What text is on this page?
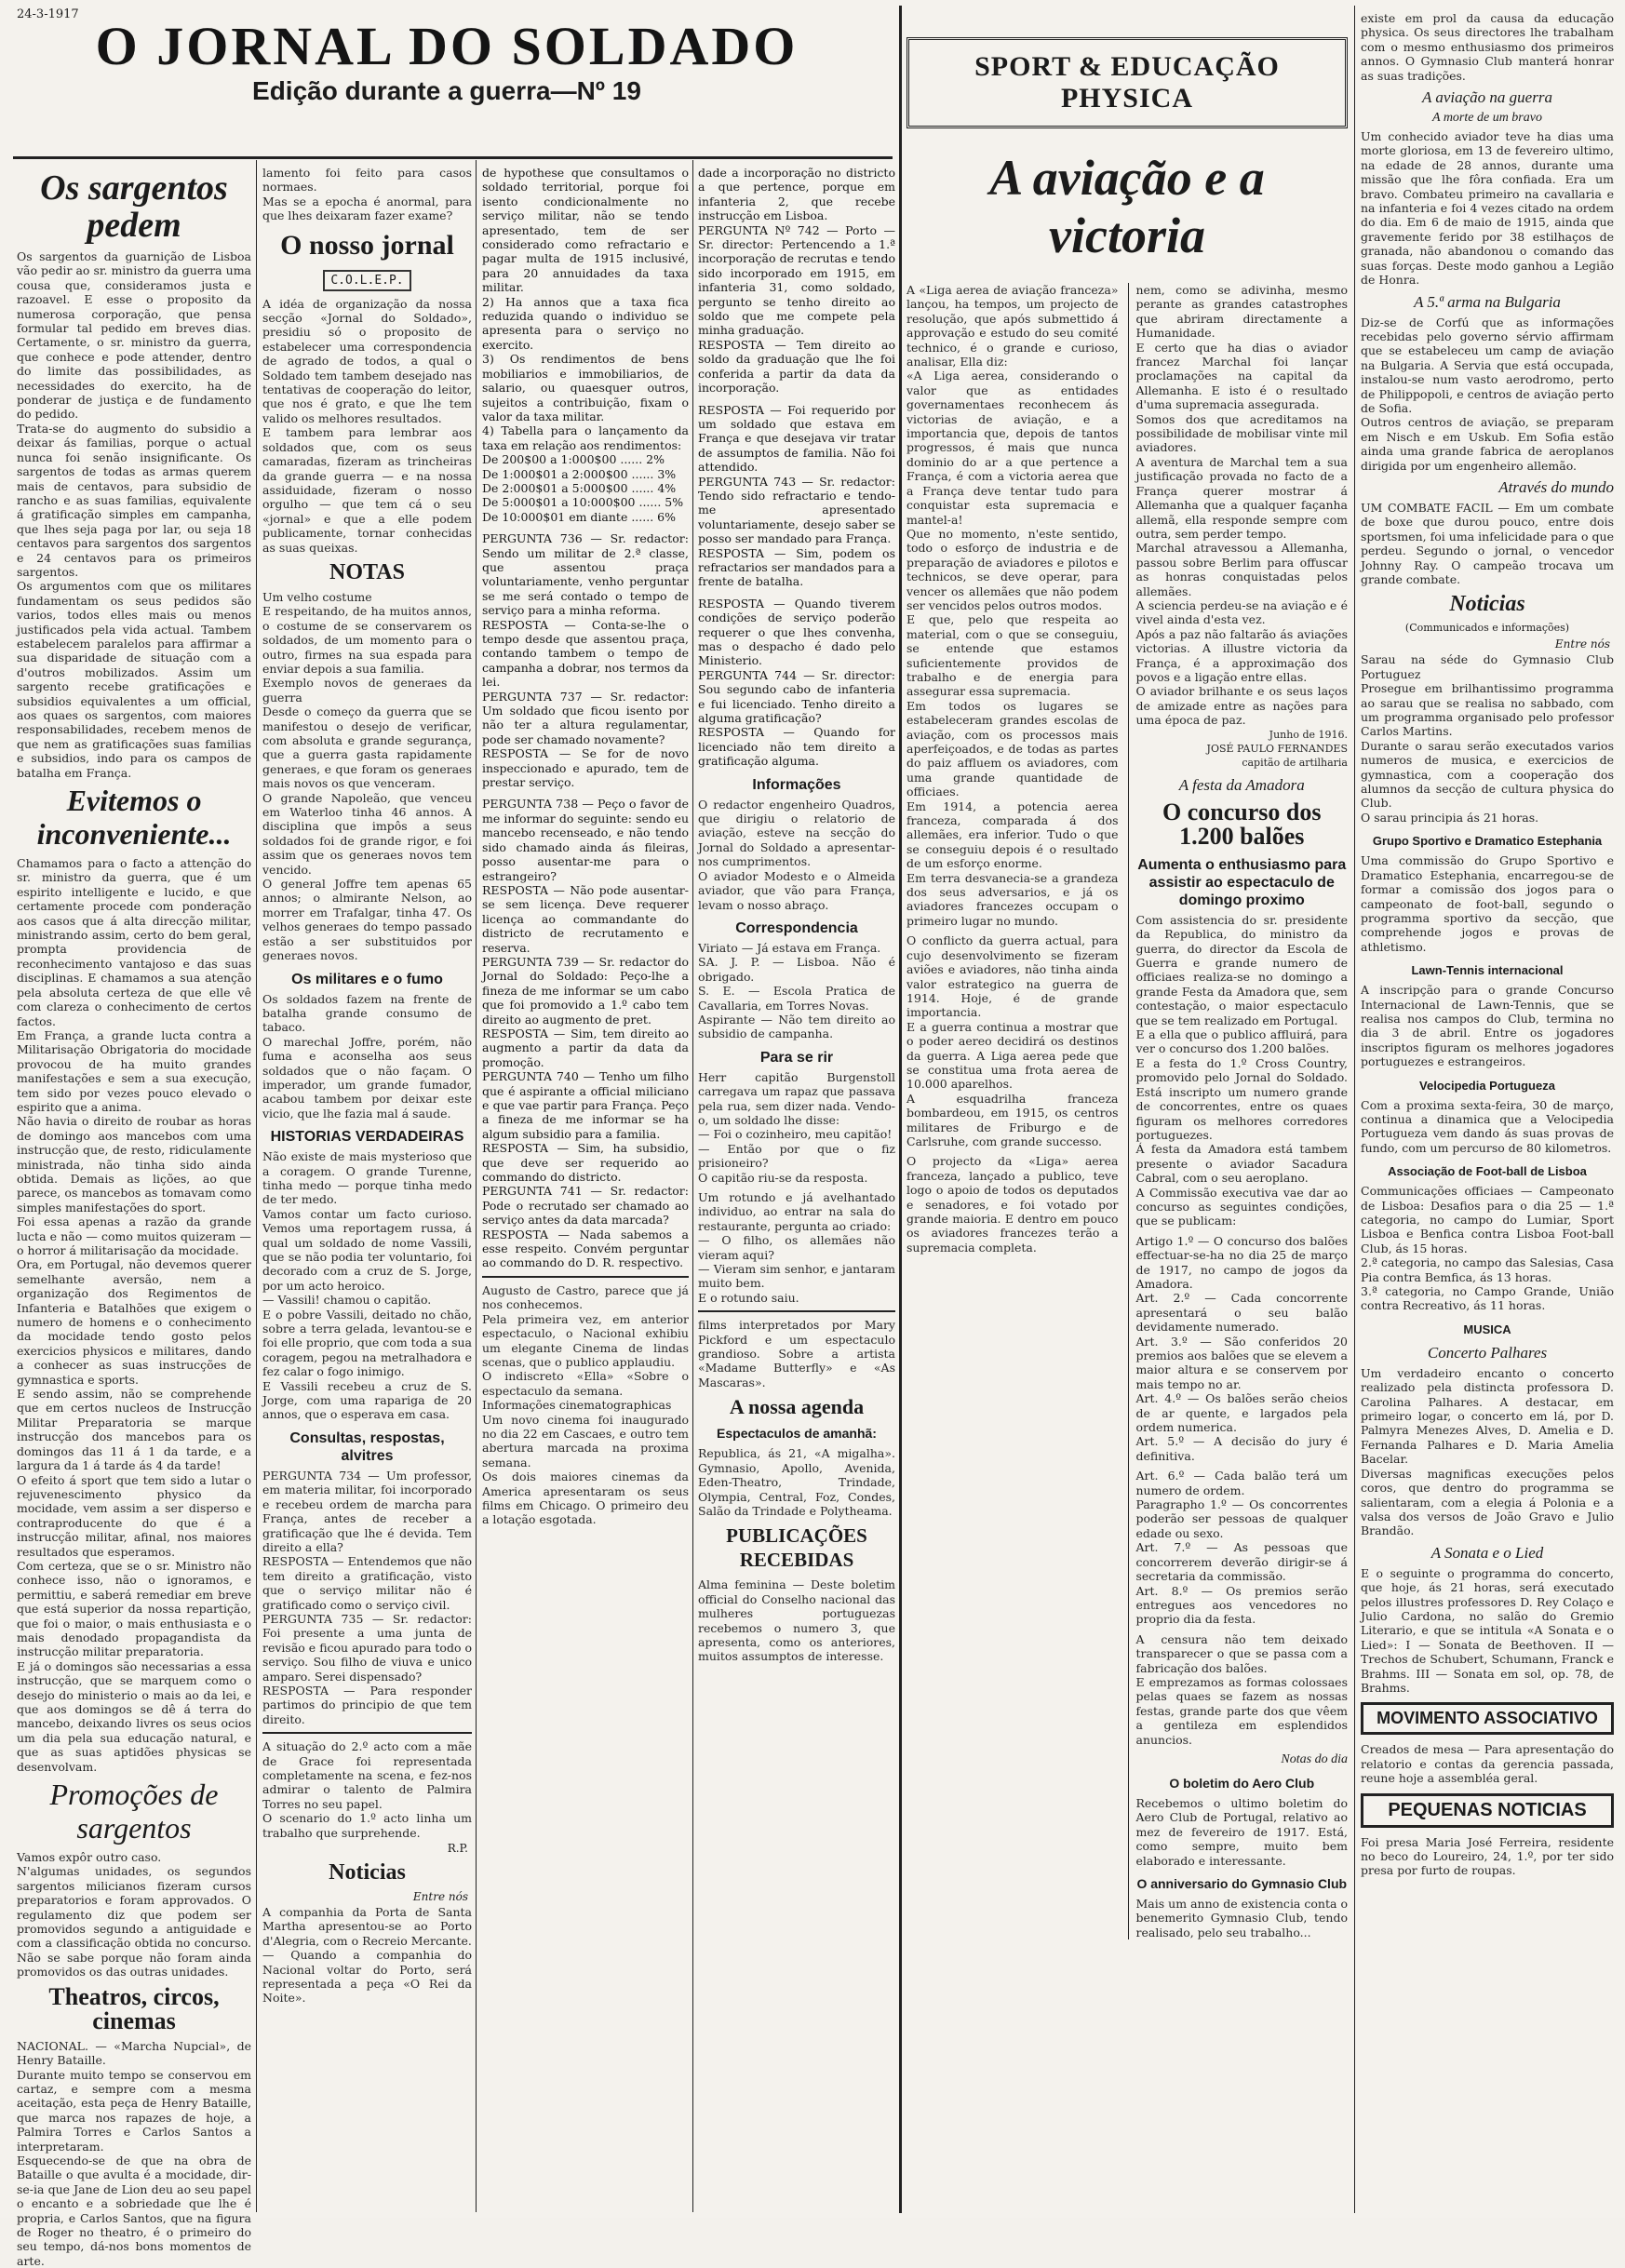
24-3-1917
O JORNAL DO SOLDADO
Edição durante a guerra—Nº 19
Os sargentos pedem

Os sargentos da guarnição de Lisboa vão pedir ao sr. ministro da guerra uma cousa que, consideramos justa e razoavel. E esse o proposito da numerosa corporação, que pensa formular tal pedido em breves dias. Certamente, o sr. ministro da guerra, que conhece e pode attender, dentro do limite das possibilidades, as necessidades do exercito, ha de ponderar de justiça e de fundamento do pedido.
Trata-se do augmento do subsidio a deixar ás familias, porque o actual nunca foi senão insignificante. Os sargentos de todas as armas querem mais de centavos, para subsidio de rancho e as suas familias, equivalente á gratificação simples em campanha, que lhes seja paga por lar, ou seja 18 centavos para sargentos dos sargentos e 24 centavos para os primeiros sargentos.
Os argumentos com que os militares fundamentam os seus pedidos são varios, todos elles mais ou menos justificados pela vida actual. Tambem estabelecem paralelos para affirmar a sua disparidade de situação com a d'outros mobilizados. Assim um sargento recebe gratificações e subsidios equivalentes a um official, aos quaes os sargentos, com maiores responsabilidades, recebem menos de que nem as gratificações suas familias e subsidios, indo para os campos de batalha em França.

Evitemos o inconveniente...

Chamamos para o facto a attenção do sr. ministro da guerra, que é um espirito intelligente e lucido, e que certamente procede com ponderação aos casos que á alta direcção militar, ministrando assim, certo do bem geral, prompta providencia de reconhecimento vantajoso e das suas disciplinas. E chamamos a sua atenção pela absoluta certeza de que elle vê com clareza o conhecimento de certos factos.
Em França, a grande lucta contra a Militarisação Obrigatoria do mocidade provocou de ha muito grandes manifestações e sem a sua execução, tem sido por vezes pouco elevado o espirito que a anima.
Não havia o direito de roubar as horas de domingo aos mancebos com uma instrucção que, de resto, ridiculamente ministrada, não tinha sido ainda obtida. Demais as lições, ao que parece, os mancebos as tomavam como simples manifestações do sport.
Foi essa apenas a razão da grande lucta e não — como muitos quizeram — o horror á militarisação da mocidade.
Ora, em Portugal, não devemos querer semelhante aversão, nem a organização dos Regimentos de Infanteria e Batalhões que exigem o numero de homens e o conhecimento da mocidade tendo gosto pelos exercicios physicos e militares, dando a conhecer as suas instrucções de gymnastica e sports.
E sendo assim, não se comprehende que em certos nucleos de Instrucção Militar Preparatoria se marque instrucção dos mancebos para os domingos das 11 á 1 da tarde, e a largura da 1 á tarde ás 4 da tarde!
O efeito á sport que tem sido a lutar o rejuvenescimento physico da mocidade, vem assim a ser disperso e contraproducente do que é a instrucção militar, afinal, nos maiores resultados que esperamos.

Com certeza, que se o sr. Ministro não conhece isso, não o ignoramos, e permittiu, e saberá remediar em breve que está superior da nossa repartição, que foi o maior, o mais enthusiasta e o mais denodado propagandista da instrucção militar preparatoria.
E já o domingos são necessarias a essa instrucção, que se marquem como o desejo do ministerio o mais ao da lei, e que aos domingos se dê á terra do mancebo, deixando livres os seus ocios um dia pela sua educação natural, e que as suas aptidões physicas se desenvolvam.

Promoções de sargentos

Vamos expôr outro caso.
N'algumas unidades, os segundos sargentos milicianos fizeram cursos preparatorios e foram approvados. O regulamento diz que podem ser promovidos segundo a antiguidade e com a classificação obtida no concurso. Não se sabe porque não foram ainda promovidos os das outras unidades.

Theatros, circos, cinemas

NACIONAL. — «Marcha Nupcial», de Henry Bataille.
Durante muito tempo se conservou em cartaz, e sempre com a mesma aceitação, esta peça de Henry Bataille, que marca nos rapazes de hoje, a Palmira Torres e Carlos Santos a interpretaram.
Esquecendo-se de que na obra de Bataille o que avulta é a mocidade, dir-se-ia que Jane de Lion deu ao seu papel o encanto e a sobriedade que lhe é propria, e Carlos Santos, que na figura de Roger no theatro, é o primeiro do seu tempo, dá-nos bons momentos de arte.

lamento foi feito para casos normaes.
Mas se a epocha é anormal, para que lhes deixaram fazer exame?

O nosso jornal
C.O.L.E.P.

A idéa de organização da nossa secção «Jornal do Soldado», presidiu só o proposito de estabelecer uma correspondencia de agrado de todos, a qual o Soldado tem tambem desejado nas tentativas de cooperação do leitor, que nos é grato, e que lhe tem valido os melhores resultados.
E tambem para lembrar aos soldados que, com os seus camaradas, fizeram as trincheiras da grande guerra — e na nossa assiduidade, fizeram o nosso orgulho — que tem cá o seu «jornal» e que a elle podem publicamente, tornar conhecidas as suas queixas.

NOTAS

Um velho costume
E respeitando, de ha muitos annos, o costume de se conservarem os soldados, de um momento para o outro, firmes na sua espada para enviar depois a sua familia.
Exemplo novos de generaes da guerra
Desde o começo da guerra que se manifestou o desejo de verificar, com absoluta e grande segurança, que a guerra gasta rapidamente generaes, e que foram os generaes mais novos os que venceram.
O grande Napoleão, que venceu em Waterloo tinha 46 annos. A disciplina que impôs a seus soldados foi de grande rigor, e foi assim que os generaes novos tem vencido.
O general Joffre tem apenas 65 annos; o almirante Nelson, ao morrer em Trafalgar, tinha 47. Os velhos generaes do tempo passado estão a ser substituidos por generaes novos.

Os militares e o fumo

Os soldados fazem na frente de batalha grande consumo de tabaco.
O marechal Joffre, porém, não fuma e aconselha aos seus soldados que o não façam. O imperador, um grande fumador, acabou tambem por deixar este vicio, que lhe fazia mal á saude.

HISTORIAS VERDADEIRAS

Não existe de mais mysterioso que a coragem. O grande Turenne, tinha medo — porque tinha medo de ter medo.
Vamos contar um facto curioso. Vemos uma reportagem russa, á qual um soldado de nome Vassili, que se não podia ter voluntario, foi decorado com a cruz de S. Jorge, por um acto heroico.
— Vassili! chamou o capitão.
E o pobre Vassili, deitado no chão, sobre a terra gelada, levantou-se e foi elle proprio, que com toda a sua coragem, pegou na metralhadora e fez calar o fogo inimigo.
E Vassili recebeu a cruz de S. Jorge, com uma rapariga de 20 annos, que o esperava em casa.

Consultas, respostas, alvitres

PERGUNTA 734 — Um professor, em materia militar, foi incorporado e recebeu ordem de marcha para França, antes de receber a gratificação que lhe é devida. Tem direito a ella?
RESPOSTA — Entendemos que não tem direito a gratificação, visto que o serviço militar não é gratificado como o serviço civil.
PERGUNTA 735 — Sr. redactor: Foi presente a uma junta de revisão e ficou apurado para todo o serviço. Sou filho de viuva e unico amparo. Serei dispensado?
RESPOSTA — Para responder partimos do principio de que tem direito.

A situação do 2.º acto com a mãe de Grace foi representada completamente na scena, e fez-nos admirar o talento de Palmira Torres no seu papel.
O scenario do 1.º acto linha um trabalho que surprehende.

R.P.
Noticias
Entre nós

A companhia da Porta de Santa Martha apresentou-se ao Porto d'Alegria, com o Recreio Mercante.
— Quando a companhia do Nacional voltar do Porto, será representada a peça «O Rei da Noite».

de hypothese que consultamos o soldado territorial, porque foi isento condicionalmente no serviço militar, não se tendo apresentado, tem de ser considerado como refractario e pagar multa de 1915 inclusivé, para 20 annuidades da taxa militar.
2) Ha annos que a taxa fica reduzida quando o individuo se apresenta para o serviço no exercito.
3) Os rendimentos de bens mobiliarios e immobiliarios, de salario, ou quaesquer outros, sujeitos a contribuição, fixam o valor da taxa militar.
4) Tabella para o lançamento da taxa em relação aos rendimentos:
De 200$00 a 1:000$00 ...... 2%
De 1:000$01 a 2:000$00 ...... 3%
De 2:000$01 a 5:000$00 ...... 4%
De 5:000$01 a 10:000$00 ...... 5%
De 10:000$01 em diante ...... 6%

PERGUNTA 736 — Sr. redactor: Sendo um militar de 2.ª classe, que assentou praça voluntariamente, venho perguntar se me será contado o tempo de serviço para a minha reforma.
RESPOSTA — Conta-se-lhe o tempo desde que assentou praça, contando tambem o tempo de campanha a dobrar, nos termos da lei.
PERGUNTA 737 — Sr. redactor: Um soldado que ficou isento por não ter a altura regulamentar, pode ser chamado novamente?
RESPOSTA — Se for de novo inspeccionado e apurado, tem de prestar serviço.

PERGUNTA 738 — Peço o favor de me informar do seguinte: sendo eu mancebo recenseado, e não tendo sido chamado ainda ás fileiras, posso ausentar-me para o estrangeiro?
RESPOSTA — Não pode ausentar-se sem licença. Deve requerer licença ao commandante do districto de recrutamento e reserva.
PERGUNTA 739 — Sr. redactor do Jornal do Soldado: Peço-lhe a fineza de me informar se um cabo que foi promovido a 1.º cabo tem direito ao augmento de pret.
RESPOSTA — Sim, tem direito ao augmento a partir da data da promoção.
PERGUNTA 740 — Tenho um filho que é aspirante a official miliciano e que vae partir para França. Peço a fineza de me informar se ha algum subsidio para a familia.
RESPOSTA — Sim, ha subsidio, que deve ser requerido ao commando do districto.
PERGUNTA 741 — Sr. redactor: Pode o recrutado ser chamado ao serviço antes da data marcada?
RESPOSTA — Nada sabemos a esse respeito. Convém perguntar ao commando do D. R. respectivo.

Augusto de Castro, parece que já nos conhecemos.
Pela primeira vez, em anterior espectaculo, o Nacional exhibiu um elegante Cinema de lindas scenas, que o publico applaudiu.
O indiscreto «Ella» «Sobre o espectaculo da semana.
Informações cinematographicas
Um novo cinema foi inaugurado no dia 22 em Cascaes, e outro tem abertura marcada na proxima semana.
Os dois maiores cinemas da America apresentaram os seus films em Chicago. O primeiro deu a lotação esgotada.

dade a incorporação no districto a que pertence, porque em infanteria 2, que recebe instrucção em Lisboa.
PERGUNTA Nº 742 — Porto — Sr. director: Pertencendo a 1.ª incorporação de recrutas e tendo sido incorporado em 1915, em infanteria 31, como soldado, pergunto se tenho direito ao soldo que me compete pela minha graduação.
RESPOSTA — Tem direito ao soldo da graduação que lhe foi conferida a partir da data da incorporação.

RESPOSTA — Foi requerido por um soldado que estava em França e que desejava vir tratar de assumptos de familia. Não foi attendido.
PERGUNTA 743 — Sr. redactor: Tendo sido refractario e tendo-me apresentado voluntariamente, desejo saber se posso ser mandado para França.
RESPOSTA — Sim, podem os refractarios ser mandados para a frente de batalha.

RESPOSTA — Quando tiverem condições de serviço poderão requerer o que lhes convenha, mas o despacho é dado pelo Ministerio.
PERGUNTA 744 — Sr. director: Sou segundo cabo de infanteria e fui licenciado. Tenho direito a alguma gratificação?
RESPOSTA — Quando for licenciado não tem direito a gratificação alguma.

Informações

O redactor engenheiro Quadros, que dirigiu o relatorio de aviação, esteve na secção do Jornal do Soldado a apresentar-nos cumprimentos.
O aviador Modesto e o Almeida aviador, que vão para França, levam o nosso abraço.

Correspondencia

Viriato — Já estava em França.
SA. J. P. — Lisboa. Não é obrigado.
S. E. — Escola Pratica de Cavallaria, em Torres Novas.
Aspirante — Não tem direito ao subsidio de campanha.

Para se rir

Herr capitão Burgenstoll carregava um rapaz que passava pela rua, sem dizer nada. Vendo-o, um soldado lhe disse:
— Foi o cozinheiro, meu capitão!
— Então por que o fiz prisioneiro?
O capitão riu-se da resposta.

Um rotundo e já avelhantado individuo, ao entrar na sala do restaurante, pergunta ao criado:
— O filho, os allemães não vieram aqui?
— Vieram sim senhor, e jantaram muito bem.
E o rotundo saiu.

films interpretados por Mary Pickford e um espectaculo grandioso. Sobre a artista «Madame Butterfly» e «As Mascaras».

A nossa agenda
Espectaculos de amanhã:

Republica, ás 21, «A migalha». Gymnasio, Apollo, Avenida, Eden-Theatro, Trindade, Olympia, Central, Foz, Condes, Salão da Trindade e Polytheama.

PUBLICAÇÕES RECEBIDAS

Alma feminina — Deste boletim official do Conselho nacional das mulheres portuguezas recebemos o numero 3, que apresenta, como os anteriores, muitos assumptos de interesse.

SPORT & EDUCAÇÃO PHYSICA
A aviação e a victoria

A «Liga aerea de aviação franceza» lançou, ha tempos, um projecto de resolução, que após submettido á approvação e estudo do seu comité technico, é o grande e curioso, analisar, Ella diz:
«A Liga aerea, considerando o valor que as entidades governamentaes reconhecem ás victorias de aviação, e a importancia que, depois de tantos progressos, é mais que nunca dominio do ar a que pertence a França, é com a victoria aerea que a França deve tentar tudo para conquistar esta supremacia e mantel-a!
Que no momento, n'este sentido, todo o esforço de industria e de preparação de aviadores e pilotos e technicos, se deve operar, para vencer os allemães que não podem ser vencidos pelos outros modos.
E que, pelo que respeita ao material, com o que se conseguiu, se entende que estamos suficientemente providos de trabalho e de energia para assegurar essa supremacia.
Em todos os lugares se estabeleceram grandes escolas de aviação, com os processos mais aperfeiçoados, e de todas as partes do paiz affluem os aviadores, com uma grande quantidade de officiaes.
Em 1914, a potencia aerea franceza, comparada á dos allemães, era inferior. Tudo o que se conseguiu depois é o resultado de um esforço enorme.
Em terra desvanecia-se a grandeza dos seus adversarios, e já os aviadores francezes occupam o primeiro lugar no mundo.

O conflicto da guerra actual, para cujo desenvolvimento se fizeram aviões e aviadores, não tinha ainda valor estrategico na guerra de 1914. Hoje, é de grande importancia.
E a guerra continua a mostrar que o poder aereo decidirá os destinos da guerra. A Liga aerea pede que se constitua uma frota aerea de 10.000 aparelhos.
A esquadrilha franceza bombardeou, em 1915, os centros militares de Friburgo e de Carlsruhe, com grande successo.

O projecto da «Liga» aerea franceza, lançado a publico, teve logo o apoio de todos os deputados e senadores, e foi votado por grande maioria. E dentro em pouco os aviadores francezes terão a supremacia completa.

nem, como se adivinha, mesmo perante as grandes catastrophes que abriram directamente a Humanidade.
E certo que ha dias o aviador francez Marchal foi lançar proclamações na capital da Allemanha. E isto é o resultado d'uma supremacia assegurada.
Somos dos que acreditamos na possibilidade de mobilisar vinte mil aviadores.
A aventura de Marchal tem a sua justificação provada no facto de a França querer mostrar á Allemanha que a qualquer façanha allemã, ella responde sempre com outra, sem perder tempo.
Marchal atravessou a Allemanha, passou sobre Berlim para offuscar as honras conquistadas pelos allemães.
A sciencia perdeu-se na aviação e é vivel ainda d'esta vez.
Após a paz não faltarão ás aviações victorias. A illustre victoria da França, é a approximação dos povos e a ligação entre ellas.
O aviador brilhante e os seus laços de amizade entre as nações para uma época de paz.

Junho de 1916.
JOSÉ PAULO FERNANDES
capitão de artilharia

A festa da Amadora
O concurso dos 1.200 balões
Aumenta o enthusiasmo para assistir ao espectaculo de domingo proximo

Com assistencia do sr. presidente da Republica, do ministro da guerra, do director da Escola de Guerra e grande numero de officiaes realiza-se no domingo a grande Festa da Amadora que, sem contestação, o maior espectaculo que se tem realizado em Portugal.
E a ella que o publico affluirá, para ver o concurso dos 1.200 balões.
E a festa do 1.º Cross Country, promovido pelo Jornal do Soldado. Está inscripto um numero grande de concorrentes, entre os quaes figuram os melhores corredores portuguezes.
Á festa da Amadora está tambem presente o aviador Sacadura Cabral, com o seu aeroplano.
A Commissão executiva vae dar ao concurso as seguintes condições, que se publicam:

Artigo 1.º — O concurso dos balões effectuar-se-ha no dia 25 de março de 1917, no campo de jogos da Amadora.
Art. 2.º — Cada concorrente apresentará o seu balão devidamente numerado.
Art. 3.º — São conferidos 20 premios aos balões que se elevem a maior altura e se conservem por mais tempo no ar.
Art. 4.º — Os balões serão cheios de ar quente, e largados pela ordem numerica.
Art. 5.º — A decisão do jury é definitiva.

Art. 6.º — Cada balão terá um numero de ordem.
Paragrapho 1.º — Os concorrentes poderão ser pessoas de qualquer edade ou sexo.
Art. 7.º — As pessoas que concorrerem deverão dirigir-se á secretaria da commissão.
Art. 8.º — Os premios serão entregues aos vencedores no proprio dia da festa.

A censura não tem deixado transparecer o que se passa com a fabricação dos balões.
E emprezamos as formas colossaes pelas quaes se fazem as nossas festas, grande parte dos que vêem a gentileza em esplendidos anuncios.

Notas do dia
O boletim do Aero Club

Recebemos o ultimo boletim do Aero Club de Portugal, relativo ao mez de fevereiro de 1917. Está, como sempre, muito bem elaborado e interessante.

O anniversario do Gymnasio Club

Mais um anno de existencia conta o benemerito Gymnasio Club, tendo realisado, pelo seu trabalho...

existe em prol da causa da educação physica. Os seus directores lhe trabalham com o mesmo enthusiasmo dos primeiros annos. O Gymnasio Club manterá honrar as suas tradições.

A aviação na guerra
A morte de um bravo

Um conhecido aviador teve ha dias uma morte gloriosa, em 13 de fevereiro ultimo, na edade de 28 annos, durante uma missão que lhe fôra confiada. Era um bravo. Combateu primeiro na cavallaria e na infanteria e foi 4 vezes citado na ordem do dia. Em 6 de maio de 1915, ainda que gravemente ferido por 38 estilhaços de granada, não abandonou o comando das suas forças. Deste modo ganhou a Legião de Honra.

A 5.ª arma na Bulgaria

Diz-se de Corfú que as informações recebidas pelo governo sérvio affirmam que se estabeleceu um camp de aviação na Bulgaria. A Servia que está occupada, instalou-se num vasto aerodromo, perto de Philippopoli, e centros de aviação perto de Sofia.
Outros centros de aviação, se preparam em Nisch e em Uskub. Em Sofia estão ainda uma grande fabrica de aeroplanos dirigida por um engenheiro allemão.

Através do mundo

UM COMBATE FACIL — Em um combate de boxe que durou pouco, entre dois sportsmen, foi uma infelicidade para o que perdeu. Segundo o jornal, o vencedor Johnny Ray. O campeão trocava um grande combate.

Noticias
(Communicados e informações)
Entre nós

Sarau na séde do Gymnasio Club Portuguez
Prosegue em brilhantissimo programma ao sarau que se realisa no sabbado, com um programma organisado pelo professor Carlos Martins.
Durante o sarau serão executados varios numeros de musica, e exercicios de gymnastica, com a cooperação dos alumnos da secção de cultura physica do Club.
O sarau principia ás 21 horas.

Grupo Sportivo e Dramatico Estephania

Uma commissão do Grupo Sportivo e Dramatico Estephania, encarregou-se de formar a comissão dos jogos para o campeonato de foot-ball, segundo o programma sportivo da secção, que comprehende jogos e provas de athletismo.

Lawn-Tennis internacional

A inscripção para o grande Concurso Internacional de Lawn-Tennis, que se realisa nos campos do Club, termina no dia 3 de abril. Entre os jogadores inscriptos figuram os melhores jogadores portuguezes e estrangeiros.

Velocipedia Portugueza

Com a proxima sexta-feira, 30 de março, continua a dinamica que a Velocipedia Portugueza vem dando ás suas provas de fundo, com um percurso de 80 kilometros.

Associação de Foot-ball de Lisboa

Communicações officiaes — Campeonato de Lisboa: Desafios para o dia 25 — 1.ª categoria, no campo do Lumiar, Sport Lisboa e Benfica contra Lisboa Foot-ball Club, ás 15 horas.
2.ª categoria, no campo das Salesias, Casa Pia contra Bemfica, ás 13 horas.
3.ª categoria, no Campo Grande, União contra Recreativo, ás 11 horas.

MUSICA
Concerto Palhares

Um verdadeiro encanto o concerto realizado pela distincta professora D. Carolina Palhares. A destacar, em primeiro logar, o concerto em lá, por D. Palmyra Menezes Alves, D. Amelia e D. Fernanda Palhares e D. Maria Amelia Bacelar.
Diversas magnificas execuções pelos coros, que dentro do programma se salientaram, com a elegia á Polonia e a valsa dos versos de João Gravo e Julio Brandão.

A Sonata e o Lied

E o seguinte o programma do concerto, que hoje, ás 21 horas, será executado pelos illustres professores D. Rey Colaço e Julio Cardona, no salão do Gremio Literario, e que se intitula «A Sonata e o Lied»: I — Sonata de Beethoven. II — Trechos de Schubert, Schumann, Franck e Brahms. III — Sonata em sol, op. 78, de Brahms.

MOVIMENTO ASSOCIATIVO

Creados de mesa — Para apresentação do relatorio e contas da gerencia passada, reune hoje a assembléa geral.

PEQUENAS NOTICIAS

Foi presa Maria José Ferreira, residente no beco do Loureiro, 24, 1.º, por ter sido presa por furto de roupas.
